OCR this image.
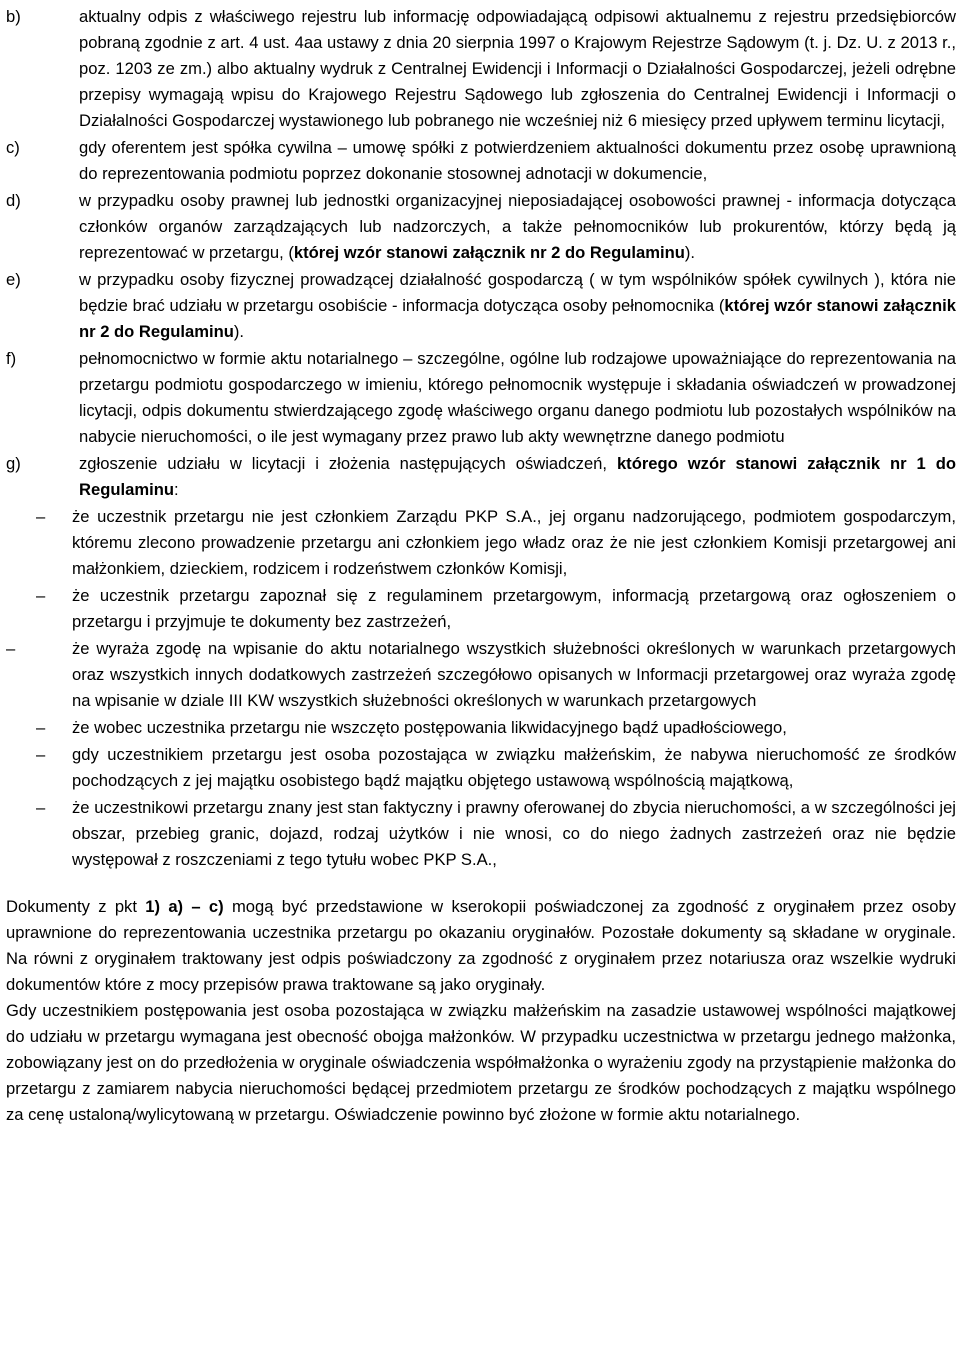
b)	aktualny odpis z właściwego rejestru lub informację odpowiadającą odpisowi aktualnemu z rejestru przedsiębiorców pobraną zgodnie z art. 4 ust. 4aa ustawy z dnia 20 sierpnia 1997 o Krajowym Rejestrze Sądowym (t. j. Dz. U. z 2013 r., poz. 1203 ze zm.) albo aktualny wydruk z Centralnej Ewidencji i Informacji o Działalności Gospodarczej, jeżeli odrębne przepisy wymagają wpisu do Krajowego Rejestru Sądowego lub zgłoszenia do Centralnej Ewidencji i Informacji o Działalności Gospodarczej wystawionego lub pobranego nie wcześniej niż 6 miesięcy przed upływem terminu licytacji,
c)	gdy oferentem jest spółka cywilna – umowę spółki z potwierdzeniem aktualności dokumentu przez osobę uprawnioną do reprezentowania podmiotu poprzez dokonanie stosownej adnotacji w dokumencie,
d)	w przypadku osoby prawnej lub jednostki organizacyjnej nieposiadającej osobowości prawnej - informacja dotycząca członków organów zarządzających lub nadzorczych, a także pełnomocników lub prokurentów, którzy będą ją reprezentować w przetargu, (której wzór stanowi załącznik nr 2 do Regulaminu).
e)	w przypadku osoby fizycznej prowadzącej działalność gospodarczą ( w tym wspólników spółek cywilnych ), która nie będzie brać udziału w przetargu osobiście - informacja dotycząca osoby pełnomocnika (której wzór stanowi załącznik nr 2 do Regulaminu).
f)	pełnomocnictwo w formie aktu notarialnego – szczególne, ogólne lub rodzajowe upoważniające do reprezentowania na przetargu podmiotu gospodarczego w imieniu, którego pełnomocnik występuje i składania oświadczeń w prowadzonej licytacji, odpis dokumentu stwierdzającego zgodę właściwego organu danego podmiotu lub pozostałych wspólników na nabycie nieruchomości, o ile jest wymagany przez prawo lub akty wewnętrzne danego podmiotu
g)	zgłoszenie udziału w licytacji i złożenia następujących oświadczeń, którego wzór stanowi załącznik nr 1 do Regulaminu:
–	że uczestnik przetargu nie jest członkiem Zarządu PKP S.A., jej organu nadzorującego, podmiotem gospodarczym, któremu zlecono prowadzenie przetargu ani członkiem jego władz oraz że nie jest członkiem Komisji przetargowej ani małżonkiem, dzieckiem, rodzicem i rodzeństwem członków Komisji,
–	że uczestnik przetargu zapoznał się z regulaminem przetargowym, informacją przetargową oraz ogłoszeniem o przetargu i przyjmuje te dokumenty bez zastrzeżeń,
–	że wyraża zgodę na wpisanie do aktu notarialnego wszystkich służebności określonych w warunkach przetargowych oraz wszystkich innych dodatkowych zastrzeżeń szczegółowo opisanych w Informacji przetargowej oraz wyraża zgodę na wpisanie w dziale III KW wszystkich służebności określonych w warunkach przetargowych
–	że wobec uczestnika przetargu nie wszczęto postępowania likwidacyjnego bądź upadłościowego,
–	gdy uczestnikiem przetargu jest osoba pozostająca w związku małżeńskim, że nabywa nieruchomość ze środków pochodzących z jej majątku osobistego bądź majątku objętego ustawową wspólnością majątkową,
–	że uczestnikowi przetargu znany jest stan faktyczny i prawny oferowanej do zbycia nieruchomości, a w szczególności jej obszar, przebieg granic, dojazd, rodzaj użytków i nie wnosi, co do niego żadnych zastrzeżeń oraz nie będzie występował z roszczeniami z tego tytułu wobec PKP S.A.,

Dokumenty z pkt 1) a) – c) mogą być przedstawione w kserokopii poświadczonej za zgodność z oryginałem przez osoby uprawnione do reprezentowania uczestnika przetargu po okazaniu oryginałów. Pozostałe dokumenty są składane w oryginale. Na równi z oryginałem traktowany jest odpis poświadczony za zgodność z oryginałem przez notariusza oraz wszelkie wydruki dokumentów które z mocy przepisów prawa traktowane są jako oryginały.

Gdy uczestnikiem postępowania jest osoba pozostająca w związku małżeńskim na zasadzie ustawowej wspólności majątkowej do udziału w przetargu wymagana jest obecność obojga małżonków. W przypadku uczestnictwa w przetargu jednego małżonka, zobowiązany jest on do przedłożenia w oryginale oświadczenia współmałżonka o wyrażeniu zgody na przystąpienie małżonka do przetargu z zamiarem nabycia nieruchomości będącej przedmiotem przetargu ze środków pochodzących z majątku wspólnego za cenę ustaloną/wylicytowaną w przetargu. Oświadczenie powinno być złożone w formie aktu notarialnego.
